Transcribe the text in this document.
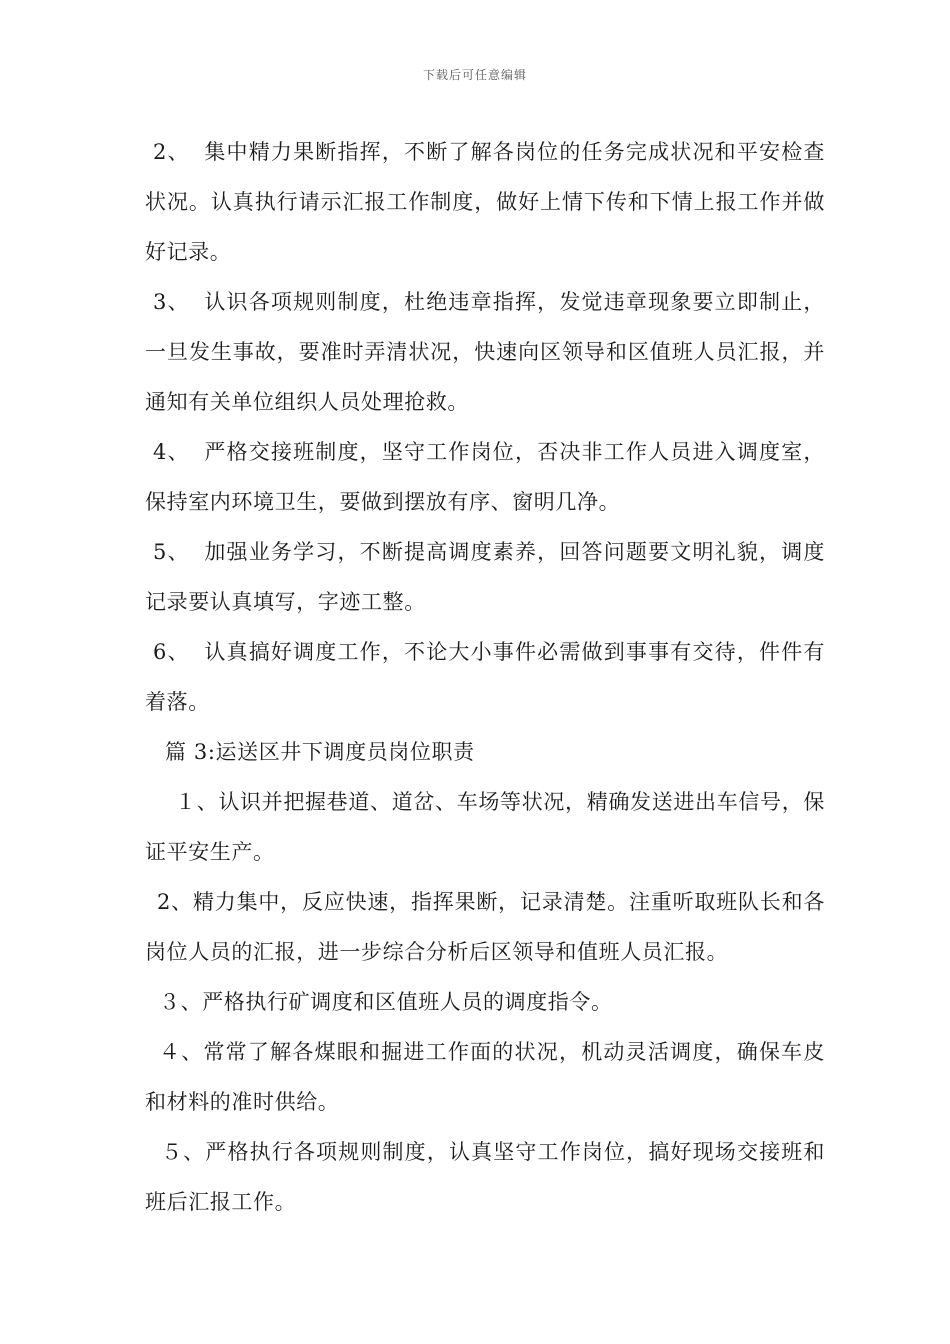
下载后可任意编辑

2、 集中精力果断指挥，不断了解各岗位的任务完成状况和平安检查状况。认真执行请示汇报工作制度，做好上情下传和下情上报工作并做好记录。

3、 认识各项规则制度，杜绝违章指挥，发觉违章现象要立即制止，一旦发生事故，要准时弄清状况，快速向区领导和区值班人员汇报，并通知有关单位组织人员处理抢救。

4、 严格交接班制度，坚守工作岗位，否决非工作人员进入调度室，保持室内环境卫生，要做到摆放有序、窗明几净。

5、 加强业务学习，不断提高调度素养，回答问题要文明礼貌，调度记录要认真填写，字迹工整。

6、 认真搞好调度工作，不论大小事件必需做到事事有交待，件件有着落。

篇 3:运送区井下调度员岗位职责

１、认识并把握巷道、道岔、车场等状况，精确发送进出车信号，保证平安生产。

2、精力集中，反应快速，指挥果断，记录清楚。注重听取班队长和各岗位人员的汇报，进一步综合分析后区领导和值班人员汇报。

３、严格执行矿调度和区值班人员的调度指令。

４、常常了解各煤眼和掘进工作面的状况，机动灵活调度，确保车皮和材料的准时供给。

５、严格执行各项规则制度，认真坚守工作岗位，搞好现场交接班和班后汇报工作。
